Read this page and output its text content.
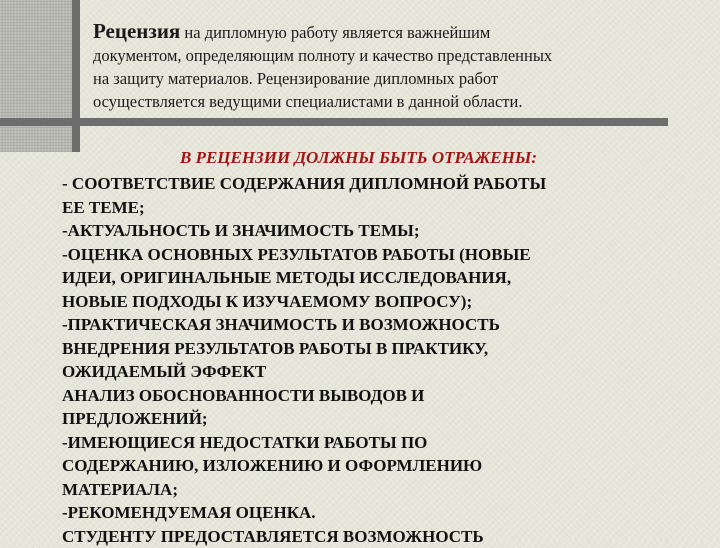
Рецензия на дипломную работу является важнейшим
документом, определяющим полноту и качество представленных
на защиту материалов. Рецензирование дипломных работ
осуществляется ведущими специалистами в данной области.
В РЕЦЕНЗИИ ДОЛЖНЫ БЫТЬ ОТРАЖЕНЫ:
- СООТВЕТСТВИЕ СОДЕРЖАНИЯ ДИПЛОМНОЙ РАБОТЫ
ЕЕ ТЕМЕ;
-АКТУАЛЬНОСТЬ И ЗНАЧИМОСТЬ ТЕМЫ;
-ОЦЕНКА ОСНОВНЫХ РЕЗУЛЬТАТОВ РАБОТЫ (НОВЫЕ
ИДЕИ, ОРИГИНАЛЬНЫЕ МЕТОДЫ ИССЛЕДОВАНИЯ,
НОВЫЕ ПОДХОДЫ К ИЗУЧАЕМОМУ ВОПРОСУ);
-ПРАКТИЧЕСКАЯ ЗНАЧИМОСТЬ И ВОЗМОЖНОСТЬ
ВНЕДРЕНИЯ РЕЗУЛЬТАТОВ РАБОТЫ В ПРАКТИКУ,
ОЖИДАЕМЫЙ ЭФФЕКТ
АНАЛИЗ ОБОСНОВАННОСТИ ВЫВОДОВ И
ПРЕДЛОЖЕНИЙ;
-ИМЕЮЩИЕСЯ НЕДОСТАТКИ РАБОТЫ ПО
СОДЕРЖАНИЮ, ИЗЛОЖЕНИЮ И ОФОРМЛЕНИЮ
МАТЕРИАЛА;
-РЕКОМЕНДУЕМАЯ ОЦЕНКА.
СТУДЕНТУ ПРЕДОСТАВЛЯЕТСЯ ВОЗМОЖНОСТЬ
